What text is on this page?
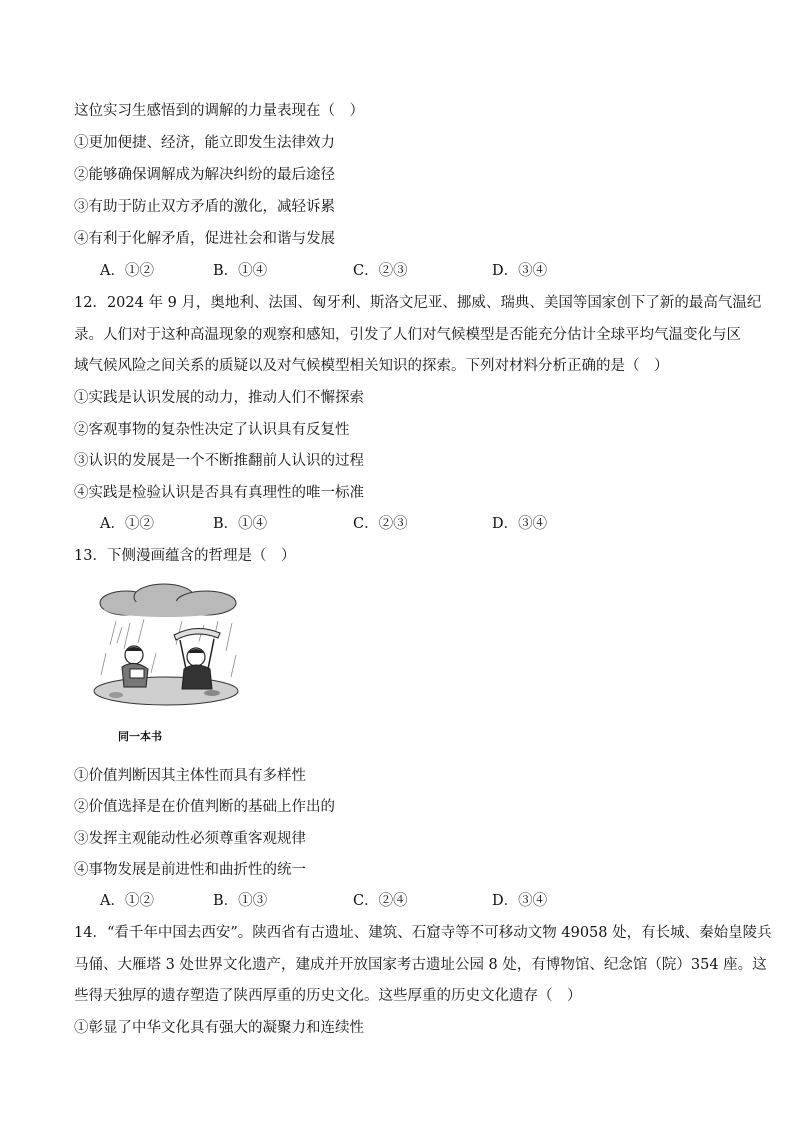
这位实习生感悟到的调解的力量表现在（　）
①更加便捷、经济，能立即发生法律效力
②能够确保调解成为解决纠纷的最后途径
③有助于防止双方矛盾的激化，减轻诉累
④有利于化解矛盾，促进社会和谐与发展
A．①②	B．①④	C．②③	D．③④
12．2024 年 9 月，奥地利、法国、匈牙利、斯洛文尼亚、挪威、瑞典、美国等国家创下了新的最高气温纪
录。人们对于这种高温现象的观察和感知，引发了人们对气候模型是否能充分估计全球平均气温变化与区
域气候风险之间关系的质疑以及对气候模型相关知识的探索。下列对材料分析正确的是（　）
①实践是认识发展的动力，推动人们不懈探索
②客观事物的复杂性决定了认识具有反复性
③认识的发展是一个不断推翻前人认识的过程
④实践是检验认识是否具有真理性的唯一标准
A．①②	B．①④	C．②③	D．③④
13．下侧漫画蕴含的哲理是（　）
同一本书
①价值判断因其主体性而具有多样性
②价值选择是在价值判断的基础上作出的
③发挥主观能动性必须尊重客观规律
④事物发展是前进性和曲折性的统一
A．①②	B．①③	C．②④	D．③④
14．“看千年中国去西安”。陕西省有古遗址、建筑、石窟寺等不可移动文物 49058 处，有长城、秦始皇陵兵
马俑、大雁塔 3 处世界文化遗产，建成并开放国家考古遗址公园 8 处，有博物馆、纪念馆（院）354 座。这
些得天独厚的遗存塑造了陕西厚重的历史文化。这些厚重的历史文化遗存（　）
①彰显了中华文化具有强大的凝聚力和连续性
